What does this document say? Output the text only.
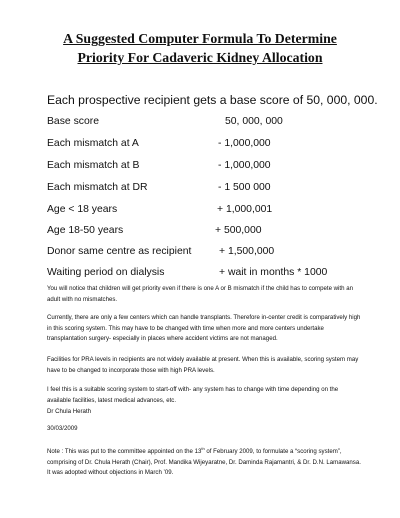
A Suggested Computer Formula To Determine
Priority For Cadaveric Kidney Allocation
Each prospective recipient gets a base score of 50, 000, 000.
Base score	50, 000, 000
Each mismatch at A	- 1,000,000
Each mismatch at B	- 1,000,000
Each mismatch at DR	- 1 500 000
Age < 18 years	+ 1,000,001
Age 18-50 years	+ 500,000
Donor same centre as recipient	+ 1,500,000
Waiting period on dialysis	+ wait in months * 1000

You will notice that children will get priority even if there is one A or B mismatch if the child has to compete with an adult with no mismatches.

Currently, there are only a few centers which can handle transplants. Therefore in-center credit is comparatively high in this scoring system. This may have to be changed with time when more and more centers undertake transplantation surgery- especially in places where accident victims are not managed.

Facilities for PRA levels in recipients are not widely available at present. When this is available, scoring system may have to be changed to incorporate those with high PRA levels.

I feel this is a suitable scoring system to start-off with- any system has to change with time depending on the available facilities, latest medical advances, etc.

Dr Chula Herath
30/03/2009

Note : This was put to the committee appointed on the 13th of February 2009, to formulate a “scoring system”, comprising of Dr. Chula Herath (Chair), Prof. Mandika Wijeyaratne, Dr. Daminda Rajamantri, & Dr. D.N. Lamawansa. It was adopted without objections in March ’09.
